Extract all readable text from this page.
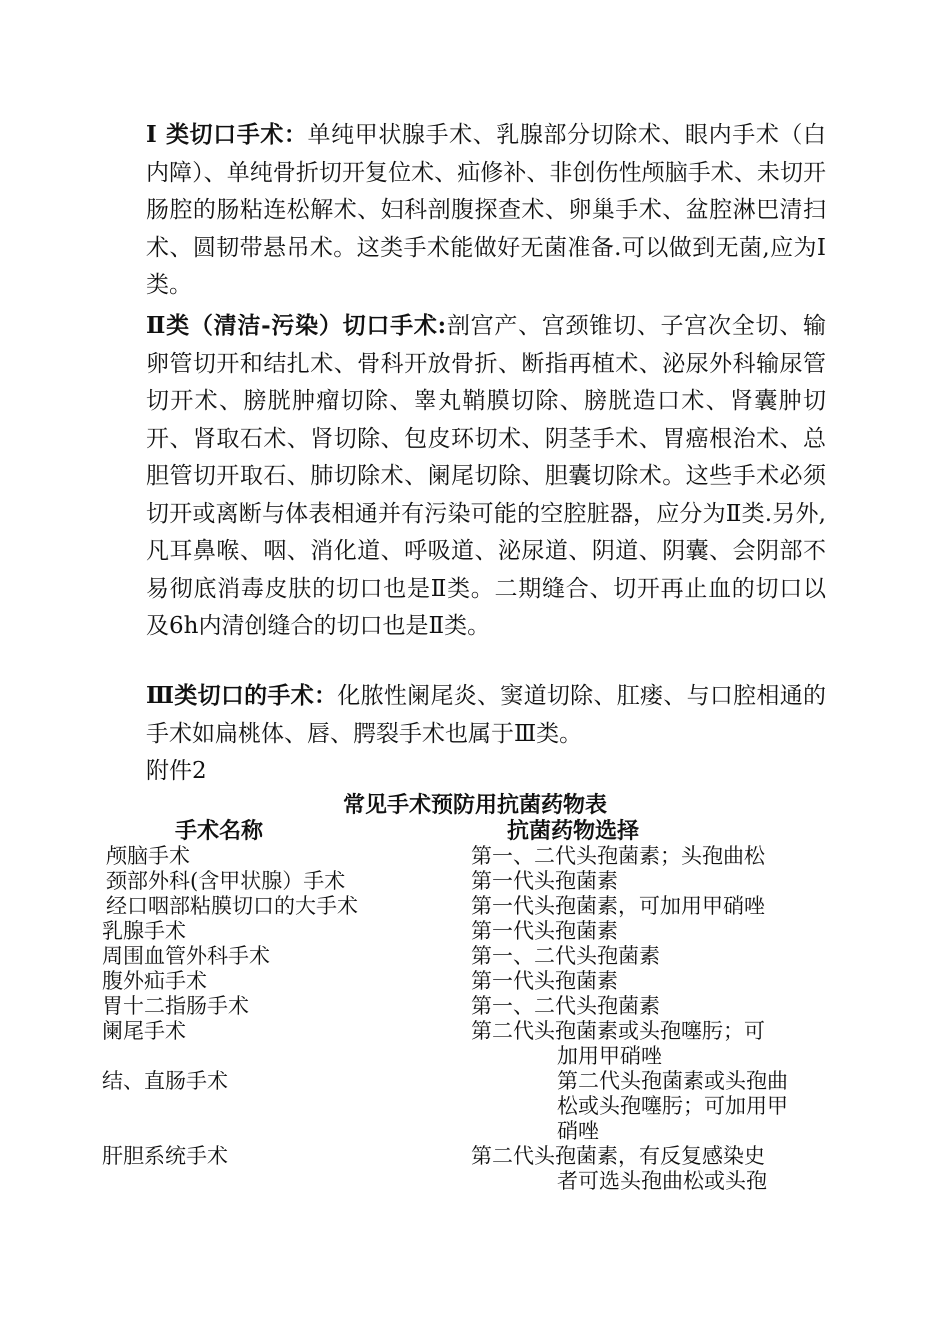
Ⅰ 类切口手术：单纯甲状腺手术、乳腺部分切除术、眼内手术（白内障）、单纯骨折切开复位术、疝修补、非创伤性颅脑手术、未切开肠腔的肠粘连松解术、妇科剖腹探查术、卵巢手术、盆腔淋巴清扫术、圆韧带悬吊术。这类手术能做好无菌准备.可以做到无菌,应为Ⅰ类。

Ⅱ类（清洁-污染）切口手术:剖宫产、宫颈锥切、子宫次全切、输卵管切开和结扎术、骨科开放骨折、断指再植术、泌尿外科输尿管切开术、膀胱肿瘤切除、睾丸鞘膜切除、膀胱造口术、肾囊肿切开、肾取石术、肾切除、包皮环切术、阴茎手术、胃癌根治术、总胆管切开取石、肺切除术、阑尾切除、胆囊切除术。这些手术必须切开或离断与体表相通并有污染可能的空腔脏器，应分为Ⅱ类.另外,凡耳鼻喉、咽、消化道、呼吸道、泌尿道、阴道、阴囊、会阴部不易彻底消毒皮肤的切口也是Ⅱ类。二期缝合、切开再止血的切口以及6h内清创缝合的切口也是Ⅱ类。

Ⅲ类切口的手术：化脓性阑尾炎、窦道切除、肛瘘、与口腔相通的手术如扁桃体、唇、腭裂手术也属于Ⅲ类。

附件2
常见手术预防用抗菌药物表
手术名称	抗菌药物选择
颅脑手术	第一、二代头孢菌素；头孢曲松
颈部外科(含甲状腺）手术	第一代头孢菌素
经口咽部粘膜切口的大手术	第一代头孢菌素，可加用甲硝唑
乳腺手术	第一代头孢菌素
周围血管外科手术	第一、二代头孢菌素
腹外疝手术	第一代头孢菌素
胃十二指肠手术	第一、二代头孢菌素
阑尾手术	第二代头孢菌素或头孢噻肟；可
加用甲硝唑
结、直肠手术	第二代头孢菌素或头孢曲松或头孢噻肟；可加用甲硝唑
肝胆系统手术	第二代头孢菌素，有反复感染史
者可选头孢曲松或头孢
